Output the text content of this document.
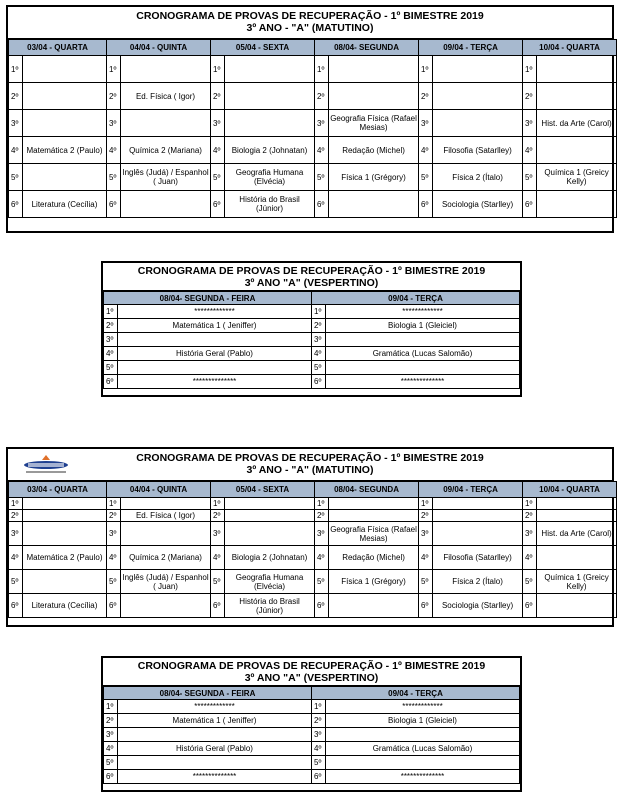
CRONOGRAMA DE PROVAS DE RECUPERAÇÃO - 1º BIMESTRE 2019
3º ANO - "A" (MATUTINO)
03/04 - QUARTA		04/04 - QUINTA		05/04 - SEXTA		08/04- SEGUNDA		09/04 - TERÇA		10/04 - QUARTA	
1º		1º		1º		1º		1º		1º	
2º		2º	Ed. Física ( Igor)	2º		2º		2º		2º	
3º		3º		3º		3º	Geografia Física (Rafael Mesias)	3º		3º	Hist. da Arte (Carol)
4º	Matemática 2 (Paulo)	4º	Química 2 (Mariana)	4º	Biologia 2 (Johnatan)	4º	Redação (Michel)	4º	Filosofia (Satarlley)	4º	
5º		5º	Inglês (Judá) / Espanhol ( Juan)	5º	Geografia Humana (Elvécia)	5º	Física 1 (Grégory)	5º	Física 2 (Ítalo)	5º	Química 1 (Greicy Kelly)
6º	Literatura (Cecília)	6º		6º	História do Brasil (Júnior)	6º		6º	Sociologia (Starlley)	6º	
CRONOGRAMA DE PROVAS DE RECUPERAÇÃO - 1º BIMESTRE 2019
3º ANO "A" (VESPERTINO)
08/04- SEGUNDA - FEIRA		09/04 - TERÇA	
1º	*************	1º	*************
2º	Matemática 1 ( Jeniffer)	2º	Biologia 1 (Gleiciel)
3º		3º	
4º	História Geral (Pablo)	4º	Gramática (Lucas Salomão)
5º		5º	
6º	**************	6º	**************
CRONOGRAMA DE PROVAS DE RECUPERAÇÃO - 1º BIMESTRE 2019
3º ANO - "A" (MATUTINO)
03/04 - QUARTA		04/04 - QUINTA		05/04 - SEXTA		08/04- SEGUNDA		09/04 - TERÇA		10/04 - QUARTA	
1º		1º		1º		1º		1º		1º	
2º		2º	Ed. Física ( Igor)	2º		2º		2º		2º	
3º		3º		3º		3º	Geografia Física (Rafael Mesias)	3º		3º	Hist. da Arte (Carol)
4º	Matemática 2 (Paulo)	4º	Química 2 (Mariana)	4º	Biologia 2 (Johnatan)	4º	Redação (Michel)	4º	Filosofia (Satarlley)	4º	
5º		5º	Inglês (Judá) / Espanhol ( Juan)	5º	Geografia Humana (Elvécia)	5º	Física 1 (Grégory)	5º	Física 2 (Ítalo)	5º	Química 1 (Greicy Kelly)
6º	Literatura (Cecília)	6º		6º	História do Brasil (Júnior)	6º		6º	Sociologia (Starlley)	6º	
CRONOGRAMA DE PROVAS DE RECUPERAÇÃO - 1º BIMESTRE 2019
3º ANO "A" (VESPERTINO)
08/04- SEGUNDA - FEIRA		09/04 - TERÇA	
1º	*************	1º	*************
2º	Matemática 1 ( Jeniffer)	2º	Biologia 1 (Gleiciel)
3º		3º	
4º	História Geral (Pablo)	4º	Gramática (Lucas Salomão)
5º		5º	
6º	**************	6º	**************
